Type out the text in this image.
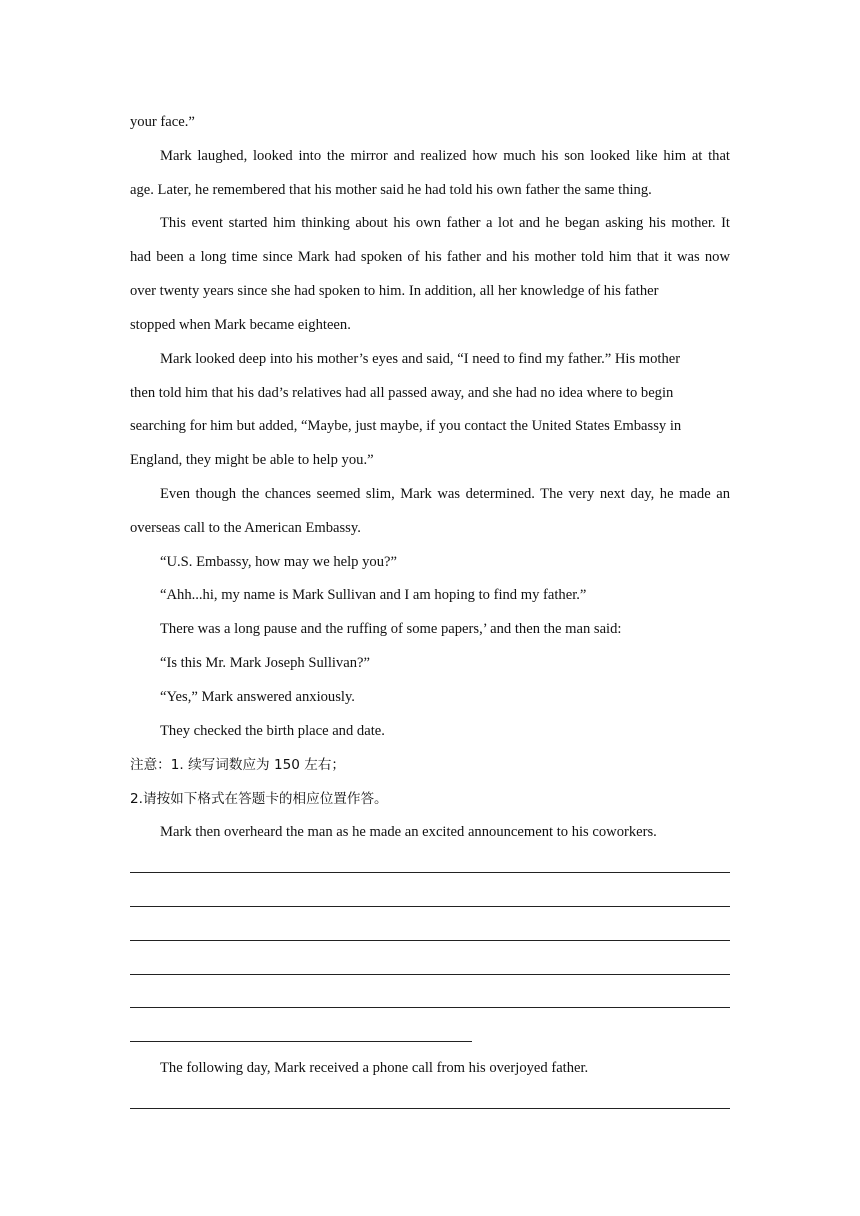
your face.”
Mark laughed, looked into the mirror and realized how much his son looked like him at that
age. Later, he remembered that his mother said he had told his own father the same thing.
This event started him thinking about his own father a lot and he began asking his mother. It
had been a long time since Mark had spoken of his father and his mother told him that it was now
over twenty years since she had spoken to him. In addition, all her knowledge of his father
stopped when Mark became eighteen.
Mark looked deep into his mother’s eyes and said, “I need to find my father.” His mother
then told him that his dad’s relatives had all passed away, and she had no idea where to begin
searching for him but added, “Maybe, just maybe, if you contact the United States Embassy in
England, they might be able to help you.”
Even though the chances seemed slim, Mark was determined. The very next day, he made an
overseas call to the American Embassy.
“U.S. Embassy, how may we help you?”
“Ahh...hi, my name is Mark Sullivan and I am hoping to find my father.”
There was a long pause and the ruffing of some papers,’ and then the man said:
“Is this Mr. Mark Joseph Sullivan?”
“Yes,” Mark answered anxiously.
They checked the birth place and date.
注意：1. 续写词数应为 150 左右；
2.请按如下格式在答题卡的相应位置作答。
Mark then overheard the man as he made an excited announcement to his coworkers.
The following day, Mark received a phone call from his overjoyed father.
